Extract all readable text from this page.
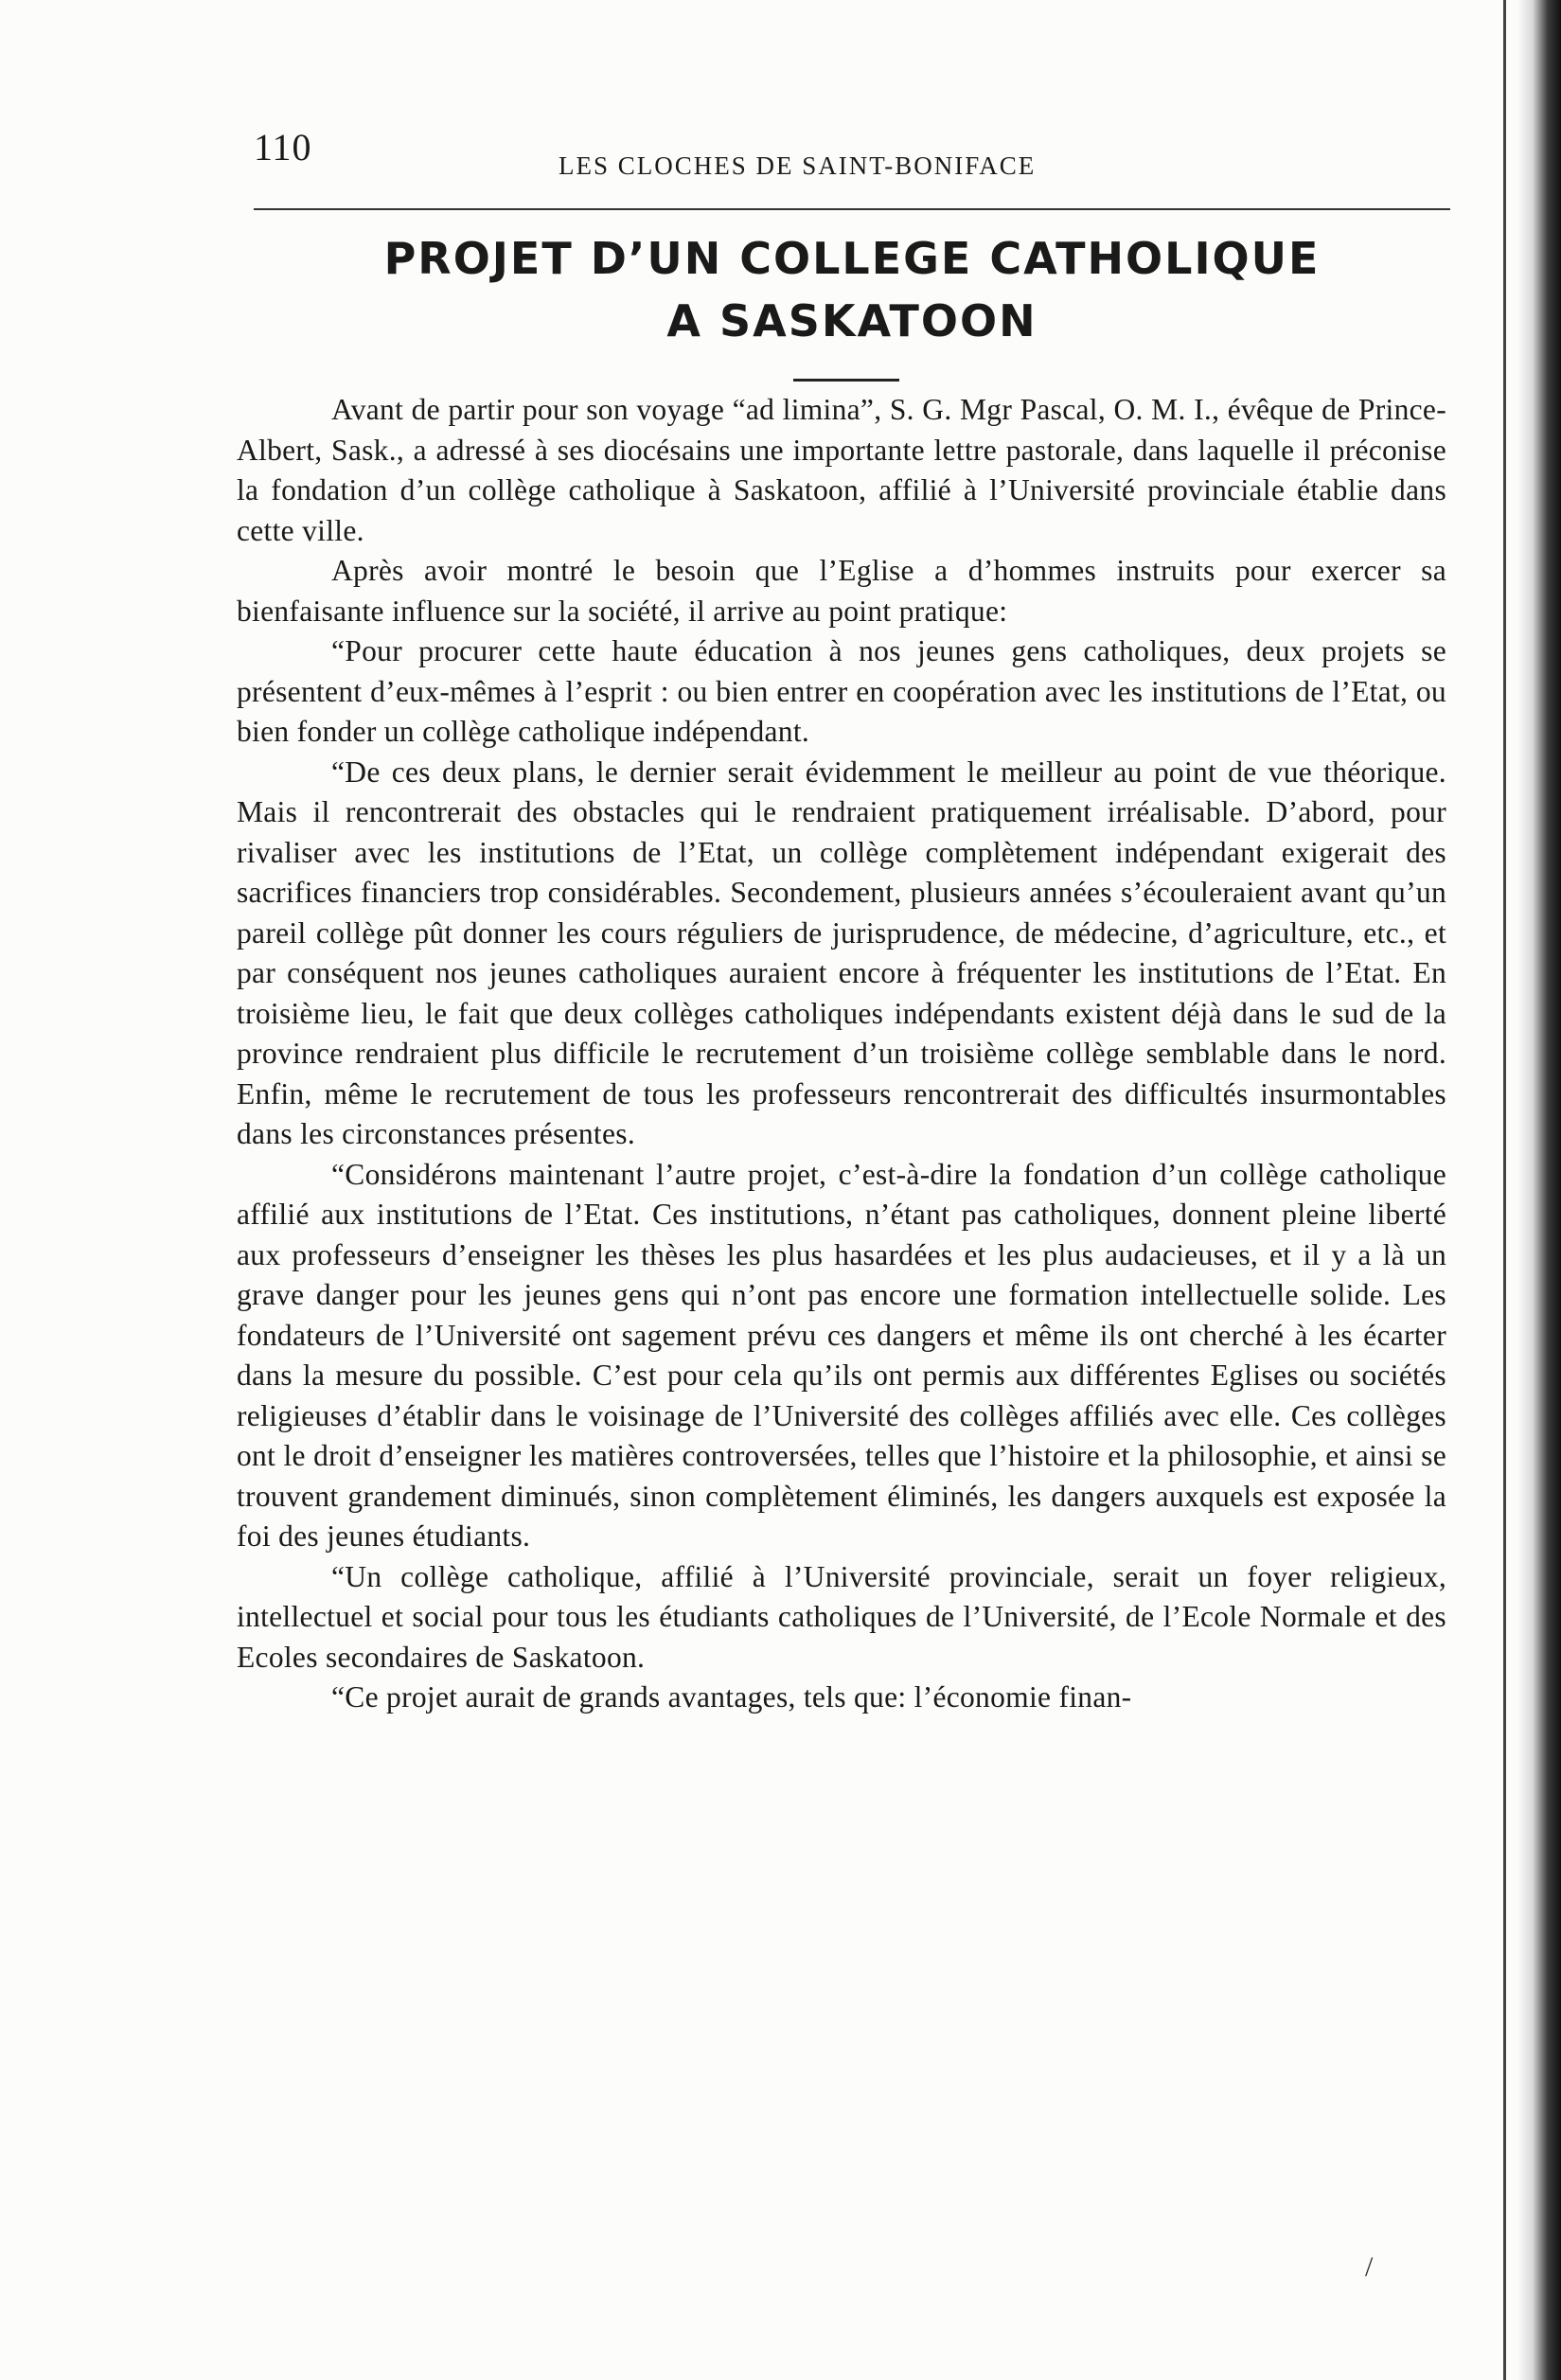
110	LES CLOCHES DE SAINT-BONIFACE
PROJET D’UN COLLEGE CATHOLIQUE
A SASKATOON

Avant de partir pour son voyage “ad limina”, S. G. Mgr Pascal, O. M. I., évêque de Prince-Albert, Sask., a adressé à ses diocésains une importante lettre pastorale, dans laquelle il préconise la fondation d’un collège catholique à Saskatoon, affilié à l’Université provinciale établie dans cette ville.

Après avoir montré le besoin que l’Eglise a d’hommes instruits pour exercer sa bienfaisante influence sur la société, il arrive au point pratique:

“Pour procurer cette haute éducation à nos jeunes gens catholiques, deux projets se présentent d’eux-mêmes à l’esprit : ou bien entrer en coopération avec les institutions de l’Etat, ou bien fonder un collège catholique indépendant.

“De ces deux plans, le dernier serait évidemment le meilleur au point de vue théorique. Mais il rencontrerait des obstacles qui le rendraient pratiquement irréalisable. D’abord, pour rivaliser avec les institutions de l’Etat, un collège complètement indépendant exigerait des sacrifices financiers trop considérables. Secondement, plusieurs années s’écouleraient avant qu’un pareil collège pût donner les cours réguliers de jurisprudence, de médecine, d’agriculture, etc., et par conséquent nos jeunes catholiques auraient encore à fréquenter les institutions de l’Etat. En troisième lieu, le fait que deux collèges catholiques indépendants existent déjà dans le sud de la province rendraient plus difficile le recrutement d’un troisième collège semblable dans le nord. Enfin, même le recrutement de tous les professeurs rencontrerait des difficultés insurmontables dans les circonstances présentes.

“Considérons maintenant l’autre projet, c’est-à-dire la fondation d’un collège catholique affilié aux institutions de l’Etat. Ces institutions, n’étant pas catholiques, donnent pleine liberté aux professeurs d’enseigner les thèses les plus hasardées et les plus audacieuses, et il y a là un grave danger pour les jeunes gens qui n’ont pas encore une formation intellectuelle solide. Les fondateurs de l’Université ont sagement prévu ces dangers et même ils ont cherché à les écarter dans la mesure du possible. C’est pour cela qu’ils ont permis aux différentes Eglises ou sociétés religieuses d’établir dans le voisinage de l’Université des collèges affiliés avec elle. Ces collèges ont le droit d’enseigner les matières controversées, telles que l’histoire et la philosophie, et ainsi se trouvent grandement diminués, sinon complètement éliminés, les dangers auxquels est exposée la foi des jeunes étudiants.

“Un collège catholique, affilié à l’Université provinciale, serait un foyer religieux, intellectuel et social pour tous les étudiants catholiques de l’Université, de l’Ecole Normale et des Ecoles secondaires de Saskatoon.

“Ce projet aurait de grands avantages, tels que: l’économie finan-

/
